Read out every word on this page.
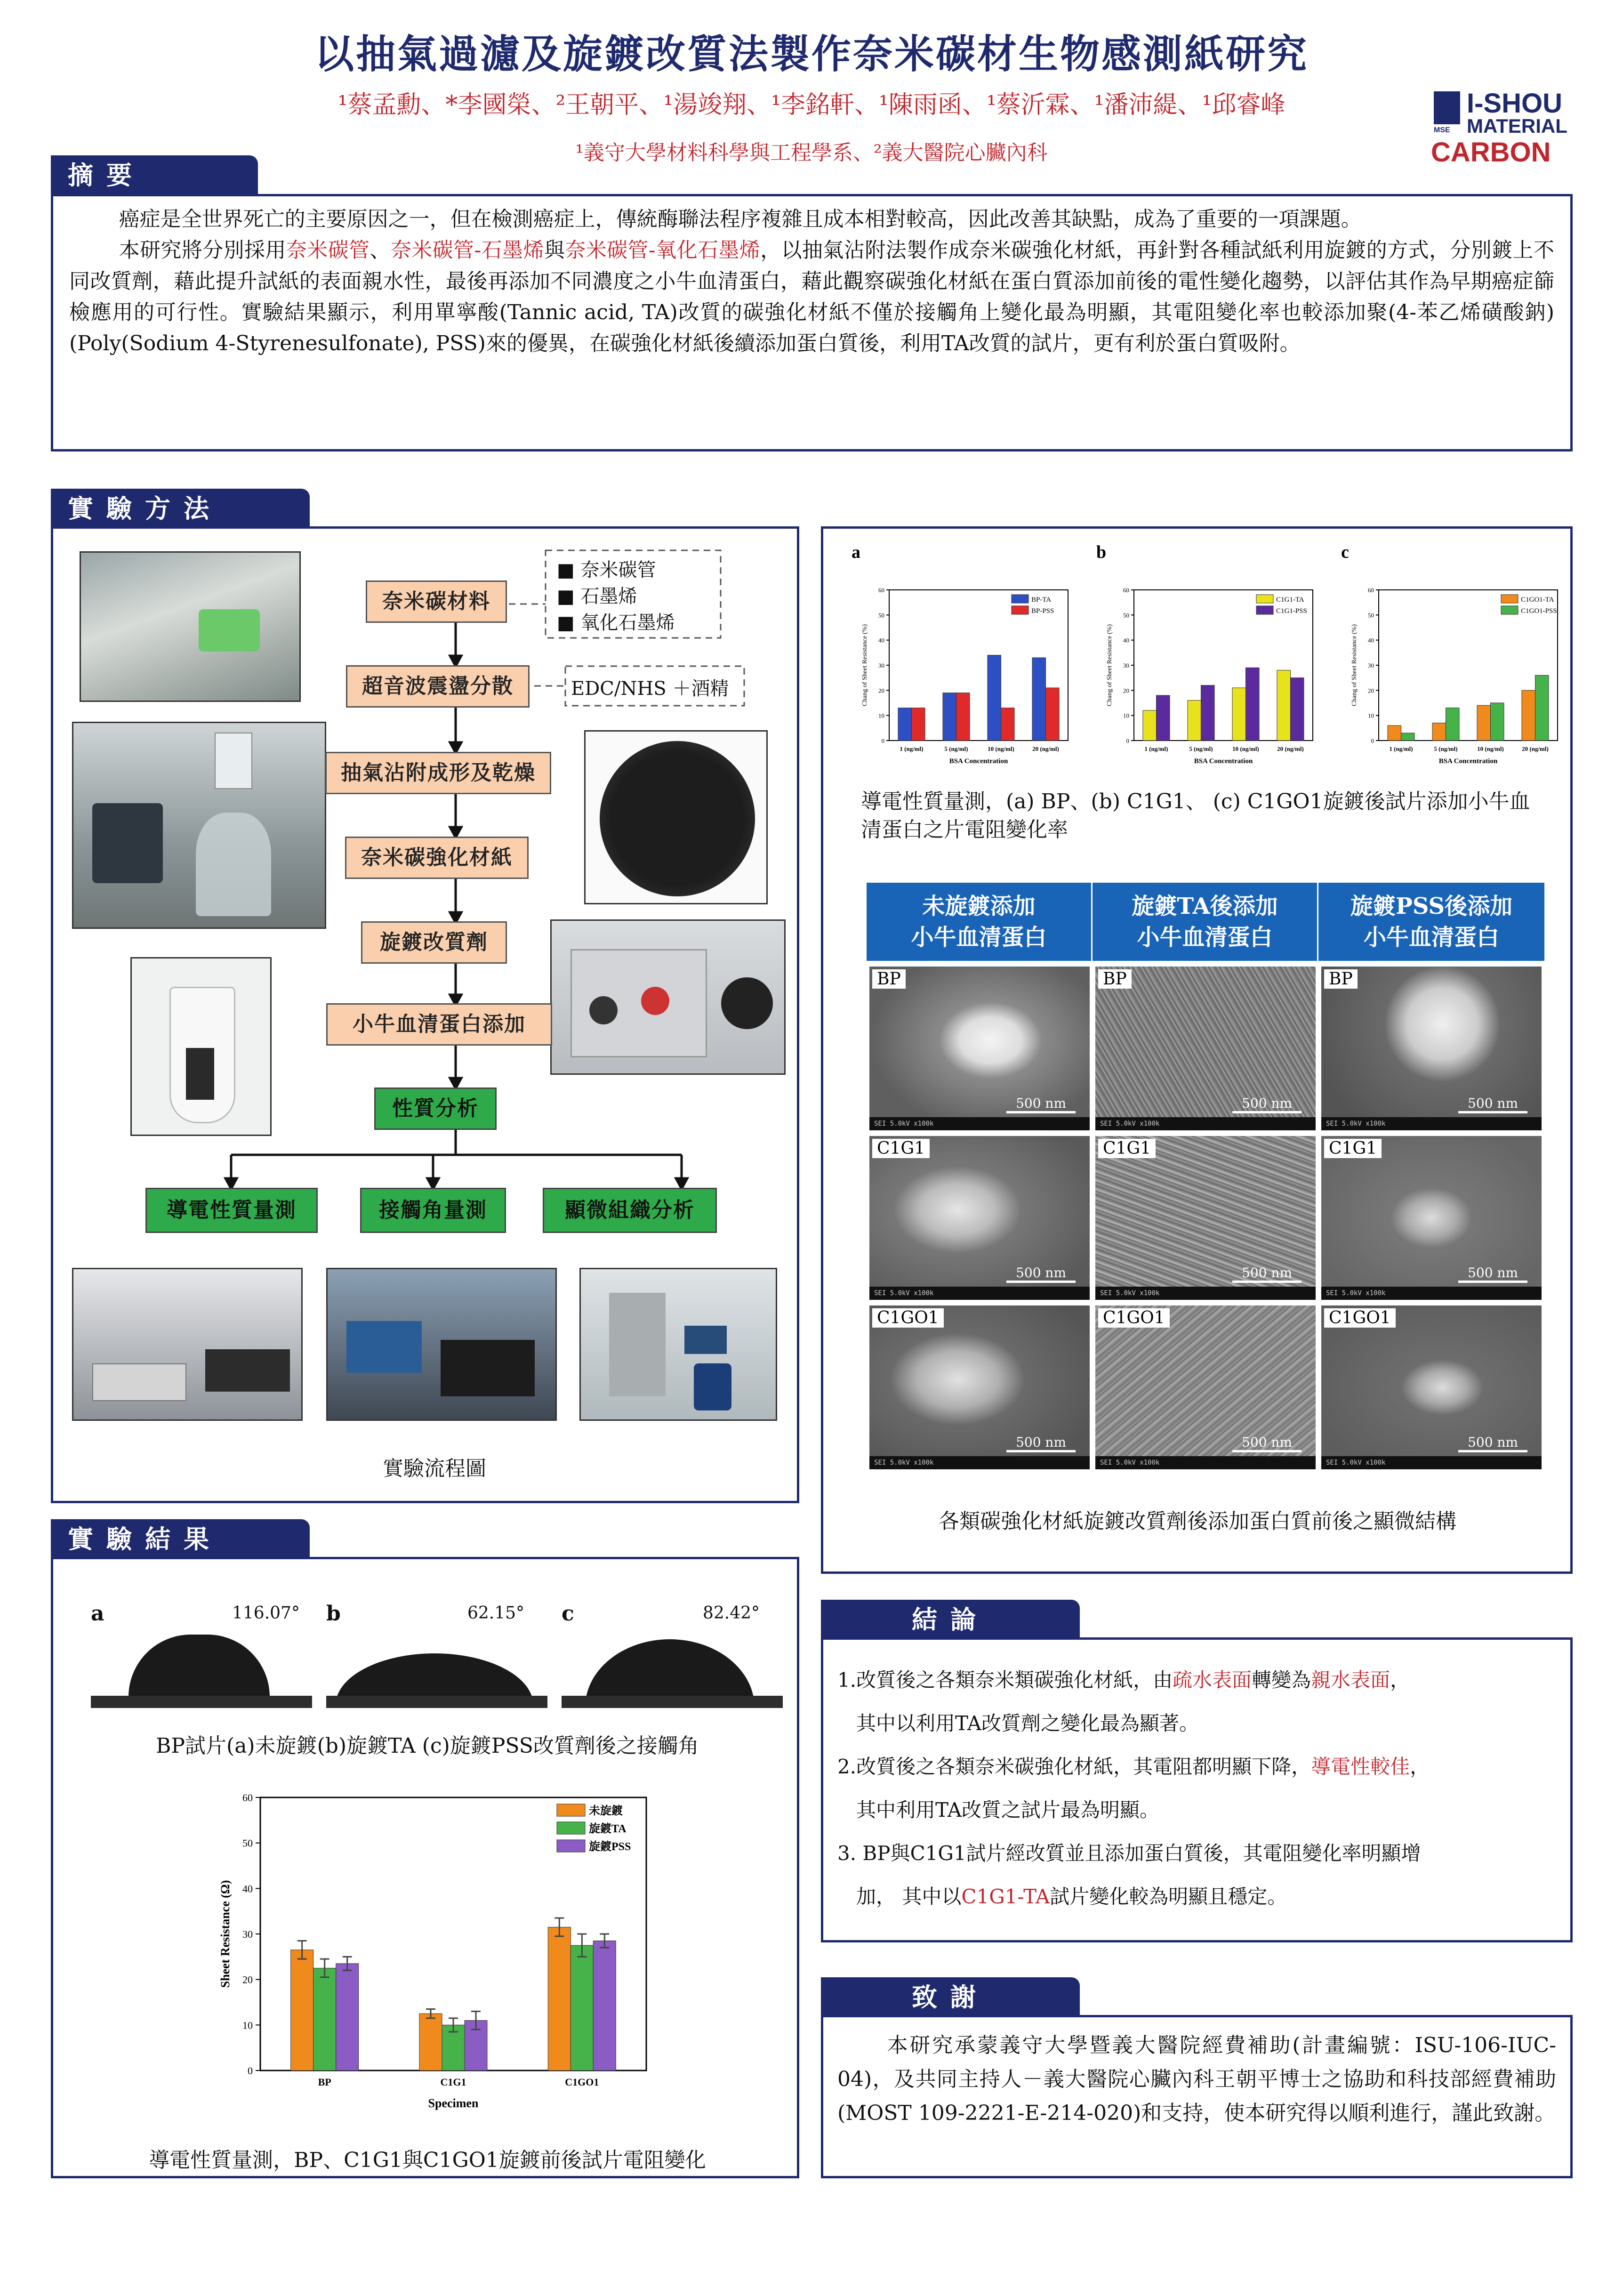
以抽氣過濾及旋鍍改質法製作奈米碳材生物感測紙研究
¹蔡孟勳、*李國榮、²王朝平、¹湯竣翔、¹李銘軒、¹陳雨函、¹蔡沂霖、¹潘沛緹、¹邱睿峰
¹義守大學材料科學與工程學系、²義大醫院心臟內科
I-SHOU
MATERIAL
MSE
CARBON
摘要

癌症是全世界死亡的主要原因之一，但在檢測癌症上，傳統酶聯法程序複雜且成本相對較高，因此改善其缺點，成為了重要的一項課題。

本研究將分別採用奈米碳管、奈米碳管-石墨烯與奈米碳管-氧化石墨烯，以抽氣沾附法製作成奈米碳強化材紙，再針對各種試紙利用旋鍍的方式，分別鍍上不同改質劑，藉此提升試紙的表面親水性，最後再添加不同濃度之小牛血清蛋白，藉此觀察碳強化材紙在蛋白質添加前後的電性變化趨勢，以評估其作為早期癌症篩檢應用的可行性。實驗結果顯示，利用單寧酸(Tannic acid, TA)改質的碳強化材紙不僅於接觸角上變化最為明顯，其電阻變化率也較添加聚(4-苯乙烯磺酸鈉) (Poly(Sodium 4-Styrenesulfonate), PSS)來的優異，在碳強化材紙後續添加蛋白質後，利用TA改質的試片，更有利於蛋白質吸附。

實驗方法
奈米碳材料
超音波震盪分散
抽氣沾附成形及乾燥
奈米碳強化材紙
旋鍍改質劑
小牛血清蛋白添加
性質分析
導電性質量測	接觸角量測	顯微組織分析
■ 奈米碳管
■ 石墨烯
■ 氧化石墨烯
EDC/NHS ＋酒精
實驗流程圖
a
0
10
20
30
40
50
60
1 (ng/ml)	5 (ng/ml)	10 (ng/ml)	20 (ng/ml)
BSA Concentration
Chang of Sheet Resistance (%)
BP-TA
BP-PSS
b
0
10
20
30
40
50
60
1 (ng/ml)	5 (ng/ml)	10 (ng/ml)	20 (ng/ml)
BSA Concentration
Chang of Sheet Resistance (%)
C1G1-TA
C1G1-PSS
c
0
10
20
30
40
50
60
1 (ng/ml)	5 (ng/ml)	10 (ng/ml)	20 (ng/ml)
BSA Concentration
Chang of Sheet Resistance (%)
C1GO1-TA
C1GO1-PSS
導電性質量測，(a) BP、(b) C1G1、 (c) C1GO1旋鍍後試片添加小牛血清蛋白之片電阻變化率
未旋鍍添加
小牛血清蛋白
旋鍍TA後添加
小牛血清蛋白
旋鍍PSS後添加
小牛血清蛋白
BP
500 nm
SEI 5.0kV x100k
BP
500 nm
SEI 5.0kV x100k
BP
500 nm
SEI 5.0kV x100k
C1G1
500 nm
SEI 5.0kV x100k
C1G1
500 nm
SEI 5.0kV x100k
C1G1
500 nm
SEI 5.0kV x100k
C1GO1
500 nm
SEI 5.0kV x100k
C1GO1
500 nm
SEI 5.0kV x100k
C1GO1
500 nm
SEI 5.0kV x100k
各類碳強化材紙旋鍍改質劑後添加蛋白質前後之顯微結構
實驗結果
a	116.07° b	62.15° c	82.42°
BP試片(a)未旋鍍(b)旋鍍TA (c)旋鍍PSS改質劑後之接觸角
0
10
20
30
40
50
60
BP	C1G1	C1GO1
Specimen
Sheet Resistance (Ω)
未旋鍍
旋鍍TA
旋鍍PSS
導電性質量測，BP、C1G1與C1GO1旋鍍前後試片電阻變化
結論
1.改質後之各類奈米類碳強化材紙，由疏水表面轉變為親水表面，
其中以利用TA改質劑之變化最為顯著。
2.改質後之各類奈米碳強化材紙，其電阻都明顯下降，導電性較佳，
其中利用TA改質之試片最為明顯。
3. BP與C1G1試片經改質並且添加蛋白質後，其電阻變化率明顯增
加， 其中以C1G1-TA試片變化較為明顯且穩定。
致謝

本研究承蒙義守大學暨義大醫院經費補助(計畫編號：ISU-106-IUC-04)，及共同主持人－義大醫院心臟內科王朝平博士之協助和科技部經費補助(MOST 109-2221-E-214-020)和支持，使本研究得以順利進行，謹此致謝。
